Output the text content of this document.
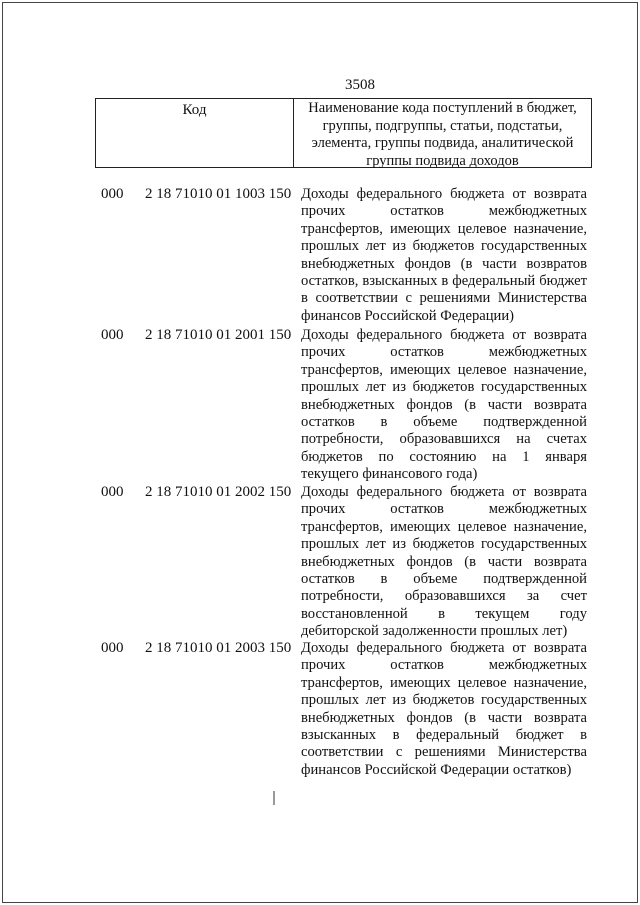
3508
Код	Наименование кода поступлений в бюджет, группы, подгруппы, статьи, подстатьи, элемента, группы подвида, аналитической группы подвида доходов
000	2 18 71010 01 1003 150 Доходы федерального бюджета от возврата прочих остатков межбюджетных трансфертов, имеющих целевое назначение, прошлых лет из бюджетов государственных внебюджетных фондов (в части возвратов остатков, взысканных в федеральный бюджет в соответствии с решениями Министерства финансов Российской Федерации)
000	2 18 71010 01 2001 150 Доходы федерального бюджета от возврата прочих остатков межбюджетных трансфертов, имеющих целевое назначение, прошлых лет из бюджетов государственных внебюджетных фондов (в части возврата остатков в объеме подтвержденной потребности, образовавшихся на счетах бюджетов по состоянию на 1 января текущего финансового года)
000	2 18 71010 01 2002 150 Доходы федерального бюджета от возврата прочих остатков межбюджетных трансфертов, имеющих целевое назначение, прошлых лет из бюджетов государственных внебюджетных фондов (в части возврата остатков в объеме подтвержденной потребности, образовавшихся за счет восстановленной в текущем году дебиторской задолженности прошлых лет)
000	2 18 71010 01 2003 150 Доходы федерального бюджета от возврата прочих остатков межбюджетных трансфертов, имеющих целевое назначение, прошлых лет из бюджетов государственных внебюджетных фондов (в части возврата взысканных в федеральный бюджет в соответствии с решениями Министерства финансов Российской Федерации остатков)
